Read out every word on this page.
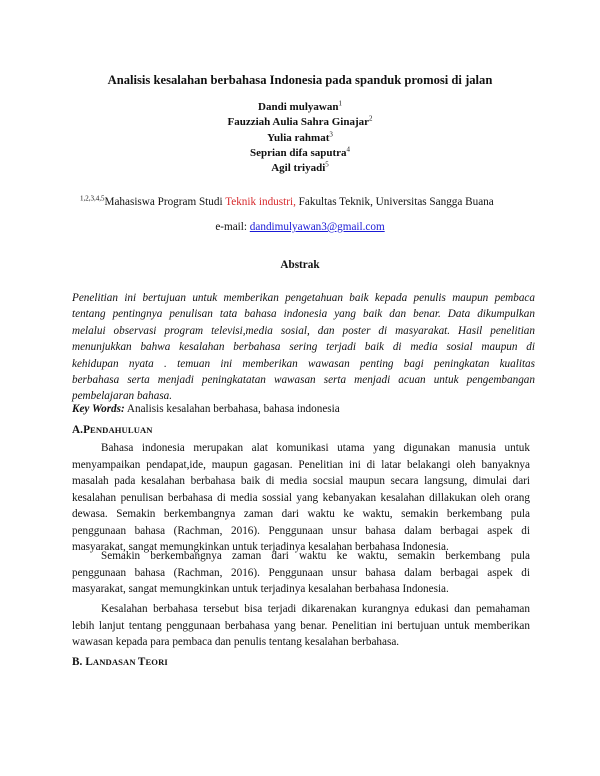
Analisis kesalahan berbahasa Indonesia pada spanduk promosi di jalan
Dandi mulyawan$^1$
Fauzziah Aulia Sahra Ginajar$^2$
Yulia rahmat$^3$
Seprian difa saputra$^4$
Agil triyadi$^5$
$^{1,2,3,4,5}$Mahasiswa Program Studi Teknik industri, Fakultas Teknik, Universitas Sangga Buana
e-mail: dandimulyawan3@gmail.com
Abstrak
Penelitian ini bertujuan untuk memberikan pengetahuan baik kepada penulis maupun pembaca
tentang pentingnya penulisan tata bahasa indonesia yang baik dan benar. Data dikumpulkan
melalui observasi program televisi,media sosial, dan poster di masyarakat. Hasil penelitian
menunjukkan bahwa kesalahan berbahasa sering terjadi baik di media sosial maupun di
kehidupan nyata . temuan ini memberikan wawasan penting bagi peningkatan kualitas
berbahasa serta menjadi peningkatatan wawasan serta menjadi acuan untuk pengembangan
pembelajaran bahasa.
Key Words: Analisis kesalahan berbahasa, bahasa indonesia
A.PENDAHULUAN
Bahasa indonesia merupakan alat komunikasi utama yang digunakan manusia untuk
menyampaikan pendapat,ide, maupun gagasan. Penelitian ini di latar belakangi oleh banyaknya
masalah pada kesalahan berbahasa baik di media socsial maupun secara langsung, dimulai dari
kesalahan penulisan berbahasa di media sossial yang kebanyakan kesalahan dillakukan oleh orang
dewasa. Semakin berkembangnya zaman dari waktu ke waktu, semakin berkembang pula
penggunaan bahasa (Rachman, 2016). Penggunaan unsur bahasa dalam berbagai aspek di
masyarakat, sangat memungkinkan untuk terjadinya kesalahan berbahasa Indonesia.
Semakin berkembangnya zaman dari waktu ke waktu, semakin berkembang pula
penggunaan bahasa (Rachman, 2016). Penggunaan unsur bahasa dalam berbagai aspek di
masyarakat, sangat memungkinkan untuk terjadinya kesalahan berbahasa Indonesia.
Kesalahan berbahasa tersebut bisa terjadi dikarenakan kurangnya edukasi dan pemahaman
lebih lanjut tentang penggunaan berbahasa yang benar. Penelitian ini bertujuan untuk memberikan
wawasan kepada para pembaca dan penulis tentang kesalahan berbahasa.
B. LANDASAN TEORI
